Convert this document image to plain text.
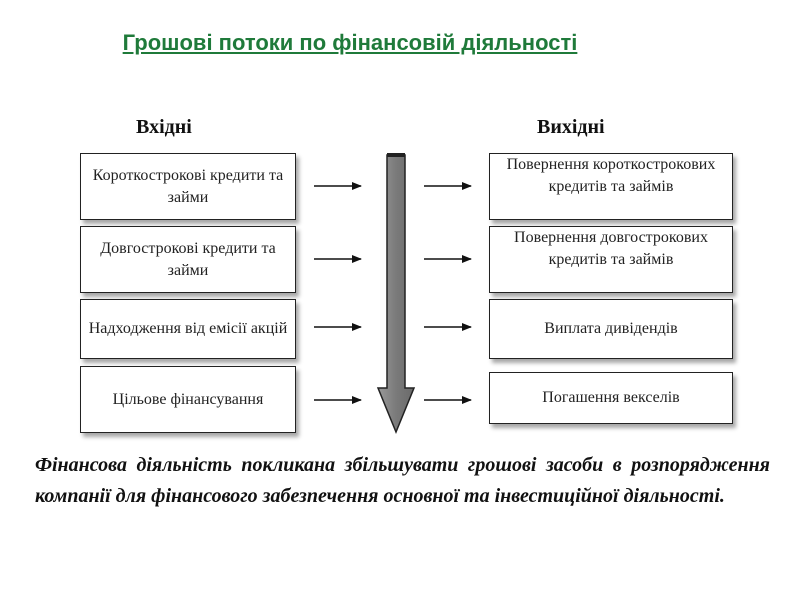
Грошові потоки по фінансовій діяльності
Вхідні	Вихідні
Короткострокові кредити та займи
Довгострокові кредити та займи
Надходження від емісії акцій
Цільове фінансування
Повернення короткострокових кредитів та займів
Повернення довгострокових кредитів та займів
Виплата дивідендів
Погашення векселів
Фінансова діяльність покликана збільшувати грошові засоби в розпорядження компанії для фінансового забезпечення основної та інвестиційної діяльності.
